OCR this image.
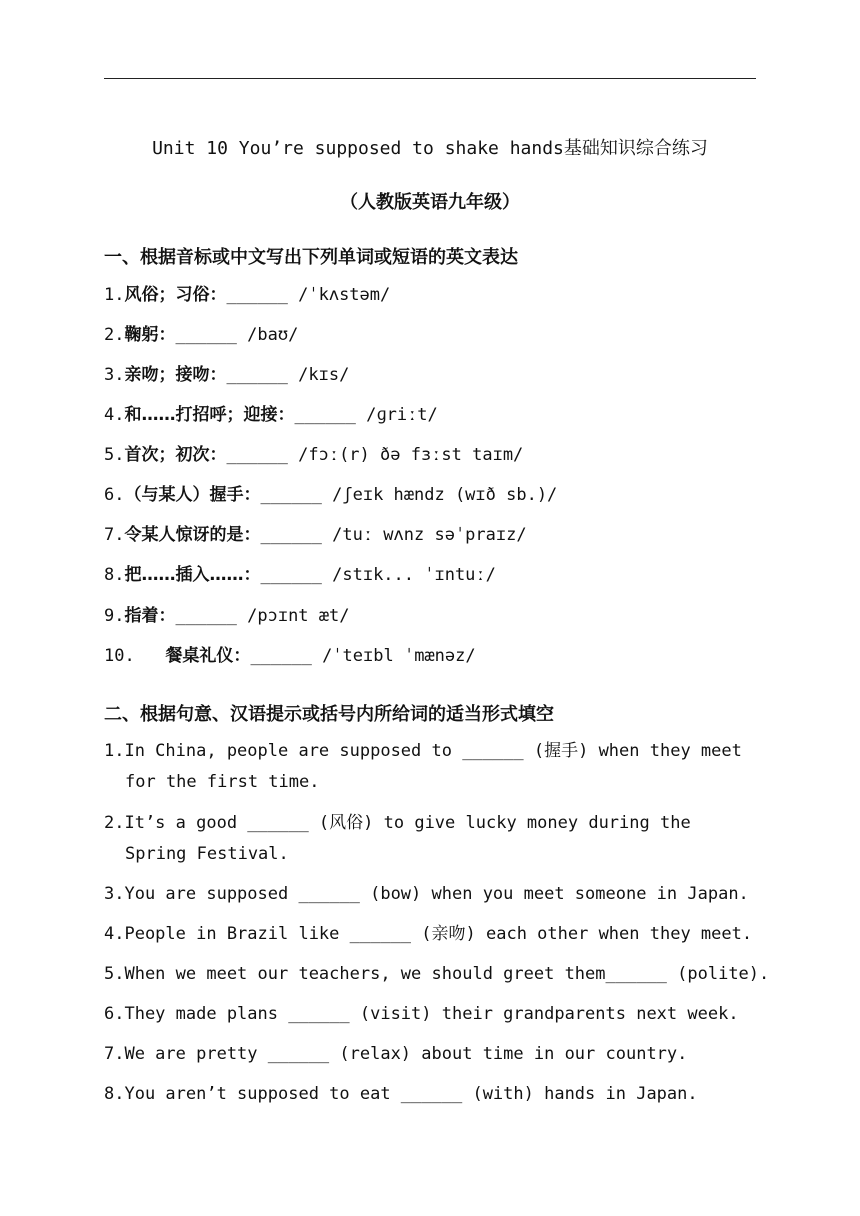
Unit 10 You’re supposed to shake hands基础知识综合练习
（人教版英语九年级）
一、根据音标或中文写出下列单词或短语的英文表达
1.风俗；习俗：______ /ˈkʌstəm/
2.鞠躬：______ /baʊ/
3.亲吻；接吻：______ /kɪs/
4.和……打招呼；迎接：______ /ɡriːt/
5.首次；初次：______ /fɔː(r) ðə fɜːst taɪm/
6.（与某人）握手：______ /ʃeɪk hændz (wɪð sb.)/
7.令某人惊讶的是：______ /tuː wʌnz səˈpraɪz/
8.把……插入……：______ /stɪk... ˈɪntuː/
9.指着：______ /pɔɪnt æt/
10.   餐桌礼仪：______ /ˈteɪbl ˈmænəz/
二、根据句意、汉语提示或括号内所给词的适当形式填空
1.In China, people are supposed to ______ (握手) when they meet
for the first time.
2.It’s a good ______ (风俗) to give lucky money during the
Spring Festival.
3.You are supposed ______ (bow) when you meet someone in Japan.
4.People in Brazil like ______ (亲吻) each other when they meet.
5.When we meet our teachers, we should greet them______ (polite).
6.They made plans ______ (visit) their grandparents next week.
7.We are pretty ______ (relax) about time in our country.
8.You aren’t supposed to eat ______ (with) hands in Japan.
